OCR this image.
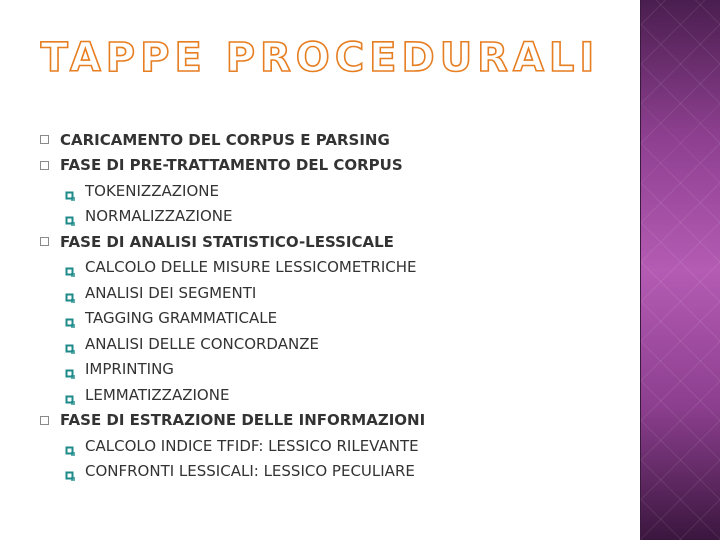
TAPPE PROCEDURALI
CARICAMENTO DEL CORPUS E PARSING
FASE DI PRE-TRATTAMENTO DEL CORPUS
TOKENIZZAZIONE
NORMALIZZAZIONE
FASE DI ANALISI STATISTICO-LESSICALE
CALCOLO DELLE MISURE LESSICOMETRICHE
ANALISI DEI SEGMENTI
TAGGING GRAMMATICALE
ANALISI DELLE CONCORDANZE
IMPRINTING
LEMMATIZZAZIONE
FASE DI ESTRAZIONE DELLE INFORMAZIONI
CALCOLO INDICE TFIDF: LESSICO RILEVANTE
CONFRONTI LESSICALI: LESSICO PECULIARE
